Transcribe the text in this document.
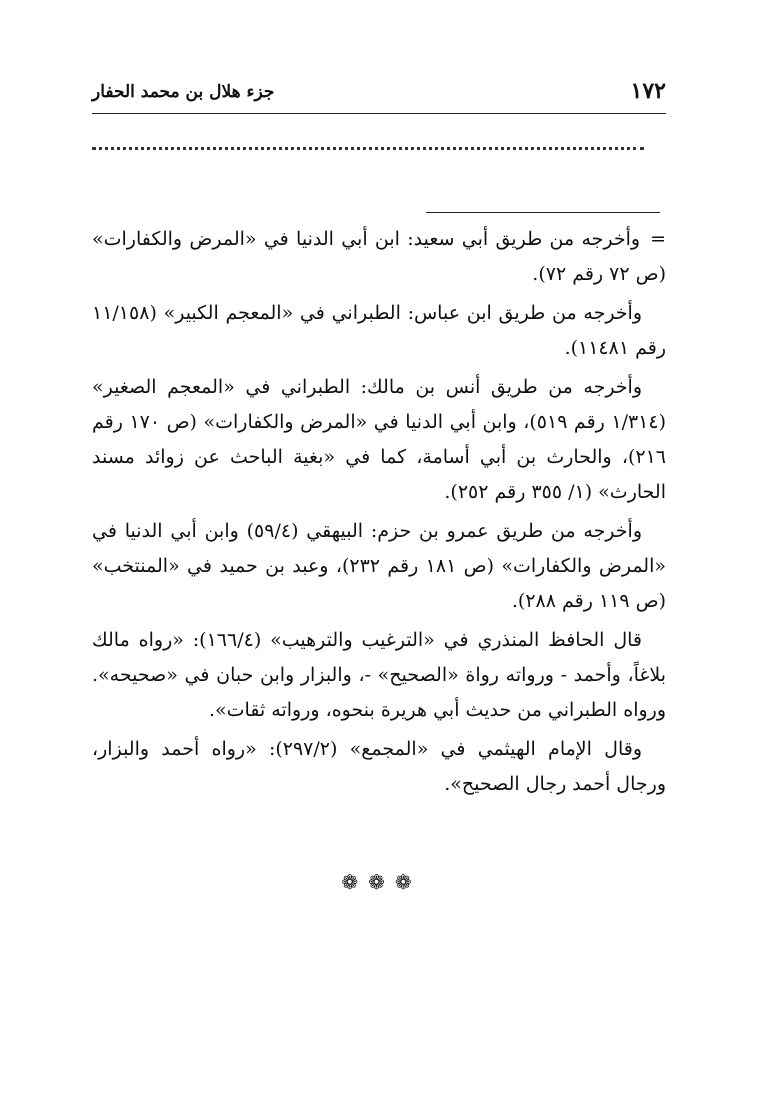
١٧٢
جزء هلال بن محمد الحفار

=وأخرجه من طريق أبي سعيد: ابن أبي الدنيا في «المرض والكفارات» (ص ٧٢ رقم ٧٢).

وأخرجه من طريق ابن عباس: الطبراني في «المعجم الكبير» (١١/١٥٨ رقم ١١٤٨١).

وأخرجه من طريق أنس بن مالك: الطبراني في «المعجم الصغير» (١/٣١٤ رقم ٥١٩)، وابن أبي الدنيا في «المرض والكفارات» (ص ١٧٠ رقم ٢١٦)، والحارث بن أبي أسامة، كما في «بغية الباحث عن زوائد مسند الحارث» (١/ ٣٥٥ رقم ٢٥٢).

وأخرجه من طريق عمرو بن حزم: البيهقي (٥٩/٤) وابن أبي الدنيا في «المرض والكفارات» (ص ١٨١ رقم ٢٣٢)، وعبد بن حميد في «المنتخب» (ص ١١٩ رقم ٢٨٨).

قال الحافظ المنذري في «الترغيب والترهيب» (١٦٦/٤): «رواه مالك بلاغاً، وأحمد - ورواته رواة «الصحيح» -، والبزار وابن حبان في «صحيحه». ورواه الطبراني من حديث أبي هريرة بنحوه، ورواته ثقات».

وقال الإمام الهيثمي في «المجمع» (٢٩٧/٢): «رواه أحمد والبزار، ورجال أحمد رجال الصحيح».

❁❁❁
